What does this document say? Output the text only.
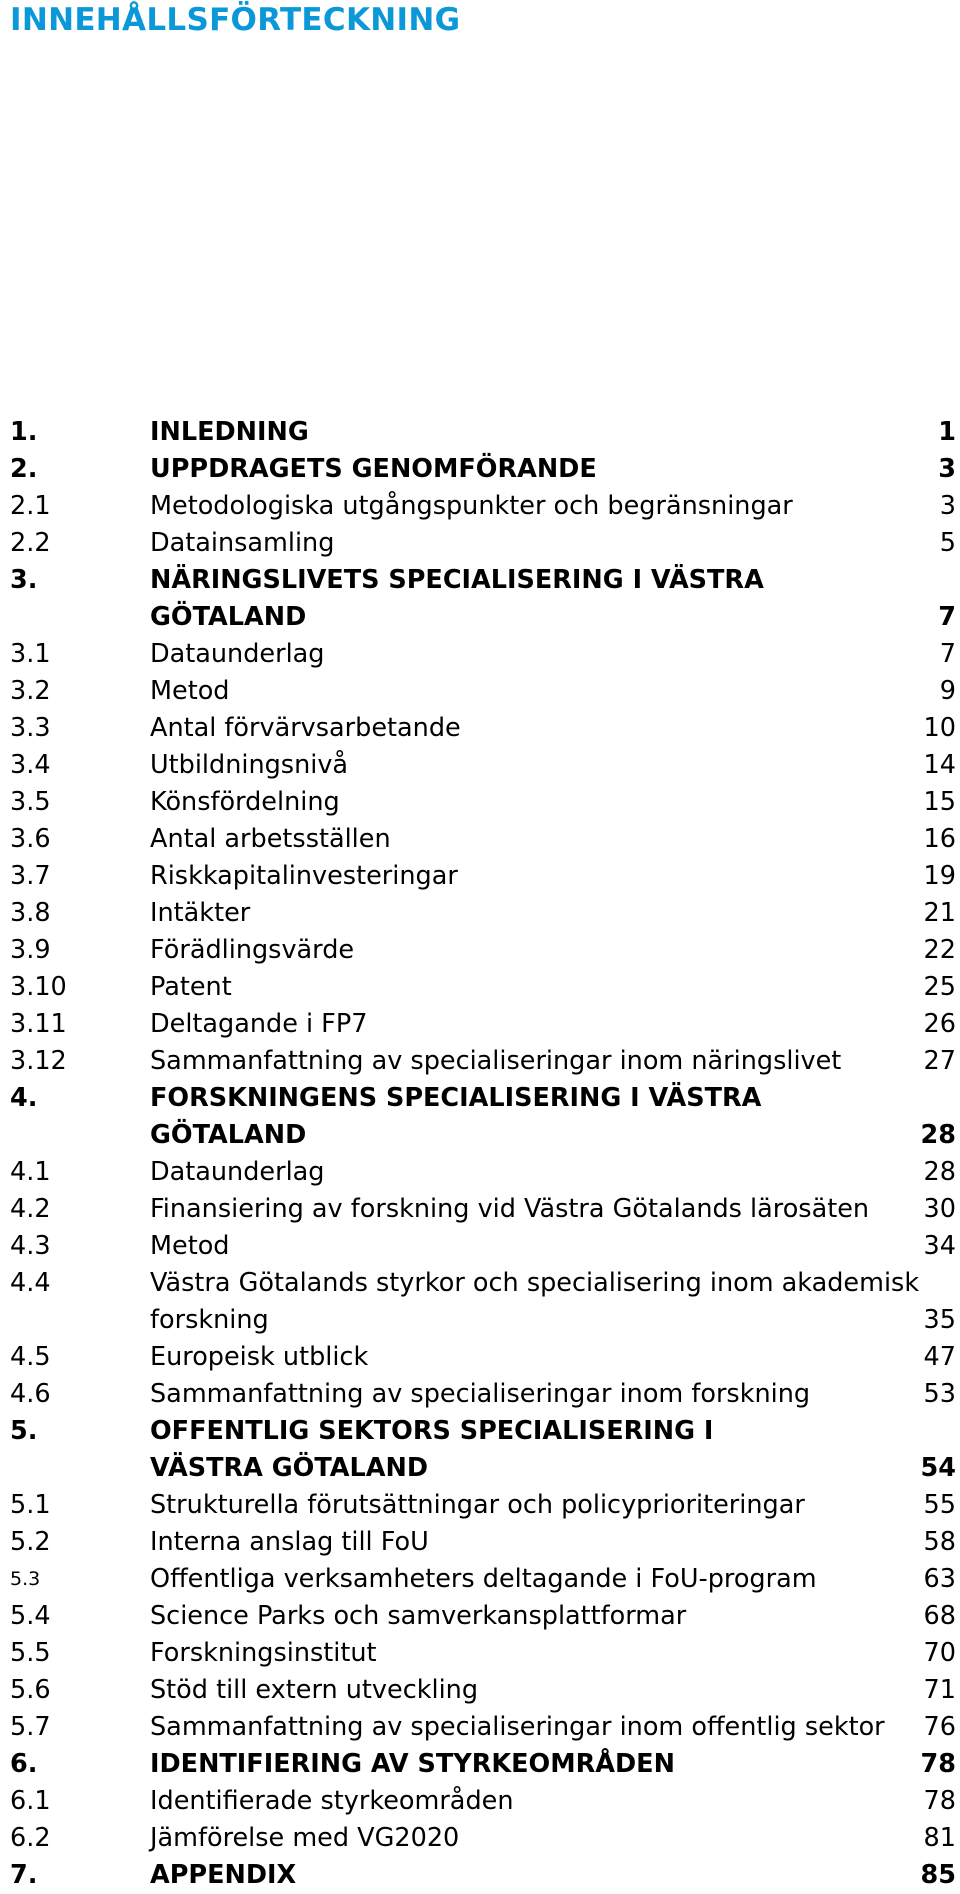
INNEHÅLLSFÖRTECKNING
1.	INLEDNING	1
2.	UPPDRAGETS GENOMFÖRANDE	3
2.1	Metodologiska utgångspunkter och begränsningar	3
2.2	Datainsamling	5
3.	NÄRINGSLIVETS SPECIALISERING I VÄSTRA GÖTALAND	7
3.1	Dataunderlag	7
3.2	Metod	9
3.3	Antal förvärvsarbetande	10
3.4	Utbildningsnivå	14
3.5	Könsfördelning	15
3.6	Antal arbetsställen	16
3.7	Riskkapitalinvesteringar	19
3.8	Intäkter	21
3.9	Förädlingsvärde	22
3.10	Patent	25
3.11	Deltagande i FP7	26
3.12	Sammanfattning av specialiseringar inom näringslivet	27
4.	FORSKNINGENS SPECIALISERING I VÄSTRA GÖTALAND	28
4.1	Dataunderlag	28
4.2	Finansiering av forskning vid Västra Götalands lärosäten	30
4.3	Metod	34
4.4	Västra Götalands styrkor och specialisering inom akademisk forskning	35
4.5	Europeisk utblick	47
4.6	Sammanfattning av specialiseringar inom forskning	53
5.	OFFENTLIG SEKTORS SPECIALISERING I VÄSTRA GÖTALAND	54
5.1	Strukturella förutsättningar och policyprioriteringar	55
5.2	Interna anslag till FoU	58
5.3	Offentliga verksamheters deltagande i FoU-program	63
5.4	Science Parks och samverkansplattformar	68
5.5	Forskningsinstitut	70
5.6	Stöd till extern utveckling	71
5.7	Sammanfattning av specialiseringar inom offentlig sektor	76
6.	IDENTIFIERING AV STYRKEOMRÅDEN	78
6.1	Identifierade styrkeområden	78
6.2	Jämförelse med VG2020	81
7.	APPENDIX	85
